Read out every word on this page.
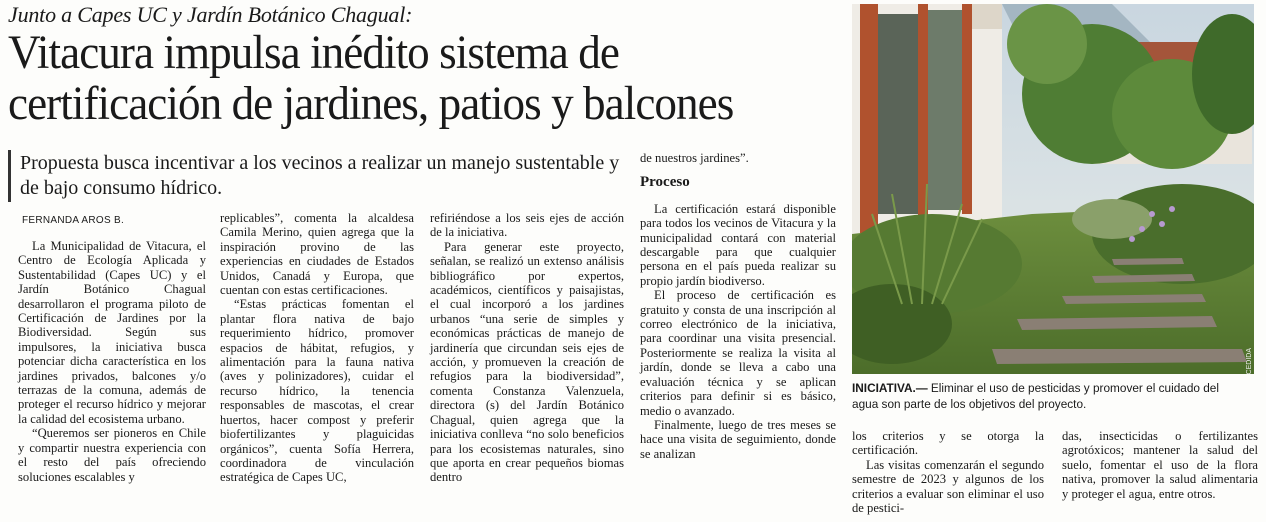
Junto a Capes UC y Jardín Botánico Chagual:
Vitacura impulsa inédito sistema de certificación de jardines, patios y balcones
Propuesta busca incentivar a los vecinos a realizar un manejo sustentable y de bajo consumo hídrico.
FERNANDA AROS B.

La Municipalidad de Vitacura, el Centro de Ecología Aplicada y Sustentabilidad (Capes UC) y el Jardín Botánico Chagual desarrollaron el programa piloto de Certificación de Jardines por la Biodiversidad. Según sus impulsores, la iniciativa busca potenciar dicha característica en los jardines privados, balcones y/o terrazas de la comuna, además de proteger el recurso hídrico y mejorar la calidad del ecosistema urbano.

“Queremos ser pioneros en Chile y compartir nuestra experiencia con el resto del país ofreciendo soluciones escalables y

replicables”, comenta la alcaldesa Camila Merino, quien agrega que la inspiración provino de las experiencias en ciudades de Estados Unidos, Canadá y Europa, que cuentan con estas certificaciones.

“Estas prácticas fomentan el plantar flora nativa de bajo requerimiento hídrico, promover espacios de hábitat, refugios, y alimentación para la fauna nativa (aves y polinizadores), cuidar el recurso hídrico, la tenencia responsables de mascotas, el crear huertos, hacer compost y preferir biofertilizantes y plaguicidas orgánicos”, cuenta Sofía Herrera, coordinadora de vinculación estratégica de Capes UC,

refiriéndose a los seis ejes de acción de la iniciativa.

Para generar este proyecto, señalan, se realizó un extenso análisis bibliográfico por expertos, académicos, científicos y paisajistas, el cual incorporó a los jardines urbanos “una serie de simples y económicas prácticas de manejo de jardinería que circundan seis ejes de acción, y promueven la creación de refugios para la biodiversidad”, comenta Constanza Valenzuela, directora (s) del Jardín Botánico Chagual, quien agrega que la iniciativa conlleva “no solo beneficios para los ecosistemas naturales, sino que aporta en crear pequeños biomas dentro

de nuestros jardines”.

Proceso

La certificación estará disponible para todos los vecinos de Vitacura y la municipalidad contará con material descargable para que cualquier persona en el país pueda realizar su propio jardín biodiverso.

El proceso de certificación es gratuito y consta de una inscripción al correo electrónico de la iniciativa, para coordinar una visita presencial. Posteriormente se realiza la visita al jardín, donde se lleva a cabo una evaluación técnica y se aplican criterios para definir si es básico, medio o avanzado.

Finalmente, luego de tres meses se hace una visita de seguimiento, donde se analizan

CEDIDA
INICIATIVA.— Eliminar el uso de pesticidas y promover el cuidado del agua son parte de los objetivos del proyecto.

los criterios y se otorga la certificación.

Las visitas comenzarán el segundo semestre de 2023 y algunos de los criterios a evaluar son eliminar el uso de pestici-

das, insecticidas o fertilizantes agrotóxicos; mantener la salud del suelo, fomentar el uso de la flora nativa, promover la salud alimentaria y proteger el agua, entre otros.
